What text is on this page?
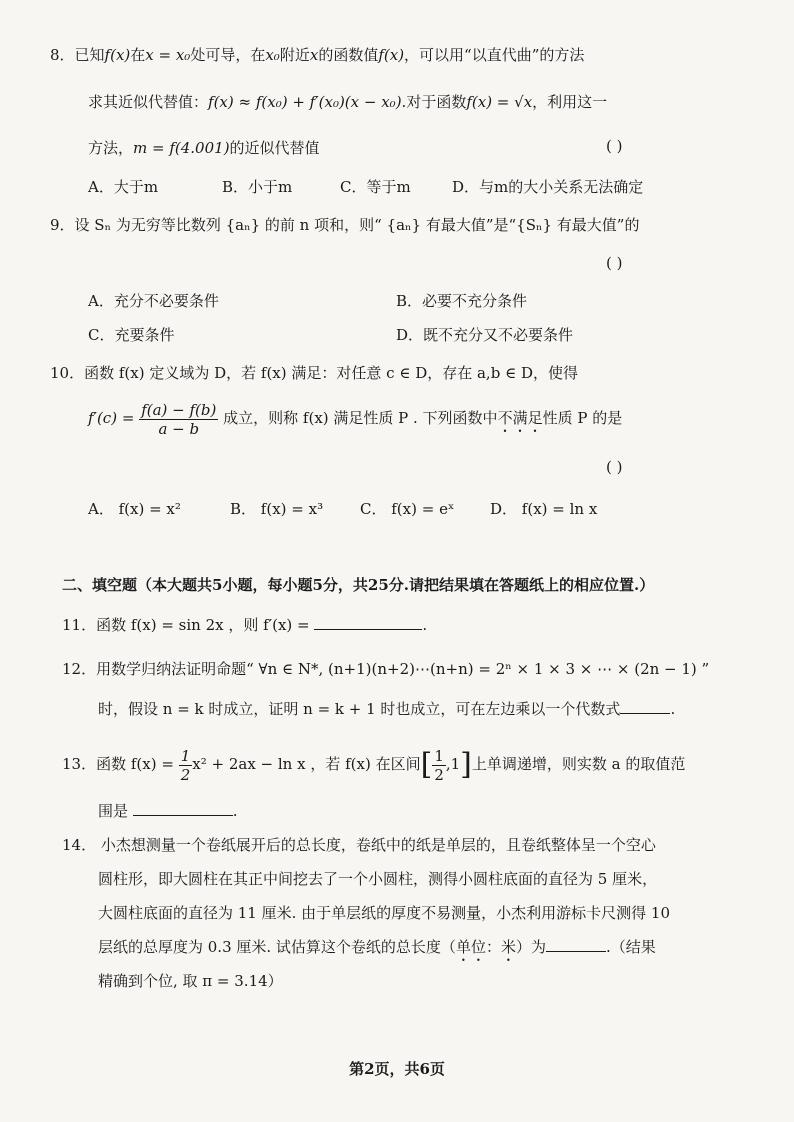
8．已知f(x)在x = x₀处可导，在x₀附近x的函数值f(x)，可以用“以直代曲”的方法
求其近似代替值：f(x) ≈ f(x₀) + f′(x₀)(x − x₀).对于函数f(x) = √x，利用这一
方法，m = f(4.001)的近似代替值	( )
A．大于m	B．小于m	C．等于m	D．与m的大小关系无法确定
9．设 Sₙ 为无穷等比数列 {aₙ} 的前 n 项和，则“ {aₙ} 有最大值”是“{Sₙ} 有最大值”的
( )
A．充分不必要条件	B．必要不充分条件
C．充要条件	D．既不充分又不必要条件
10．函数 f(x) 定义域为 D，若 f(x) 满足：对任意 c ∈ D，存在 a,b ∈ D，使得
$f'(c) = \frac{f(a) - f(b)}{a - b}$ 成立，则称 f(x) 满足性质 P . 下列函数中不满足性质 P 的是
( )
A． f(x) = x²	B． f(x) = x³ C． f(x) = eˣ D． f(x) = ln x
二、填空题（本大题共5小题，每小题5分，共25分.请把结果填在答题纸上的相应位置.）
11．函数 f(x) = sin 2x ，则 f′(x) =	.
12．用数学归纳法证明命题“ ∀n ∈ N*, (n+1)(n+2)⋯(n+n) = 2ⁿ × 1 × 3 × ⋯ × (2n − 1) ”
时，假设 n = k 时成立，证明 n = k + 1 时也成立，可在左边乘以一个代数式	.
13．函数 $f(x) = \frac{1}{2} x^2 + 2ax - \ln x$ ，若 f(x) 在区间[ $\frac{1}{2} ,1$]上单调递增，则实数 a 的取值范
围是	.
14． 小杰想测量一个卷纸展开后的总长度，卷纸中的纸是单层的，且卷纸整体呈一个空心
圆柱形，即大圆柱在其正中间挖去了一个小圆柱，测得小圆柱底面的直径为 5 厘米，
大圆柱底面的直径为 11 厘米. 由于单层纸的厚度不易测量，小杰利用游标卡尺测得 10
层纸的总厚度为 0.3 厘米. 试估算这个卷纸的总长度（单位：米）为	.（结果
精确到个位, 取 π = 3.14）
第2页，共6页
